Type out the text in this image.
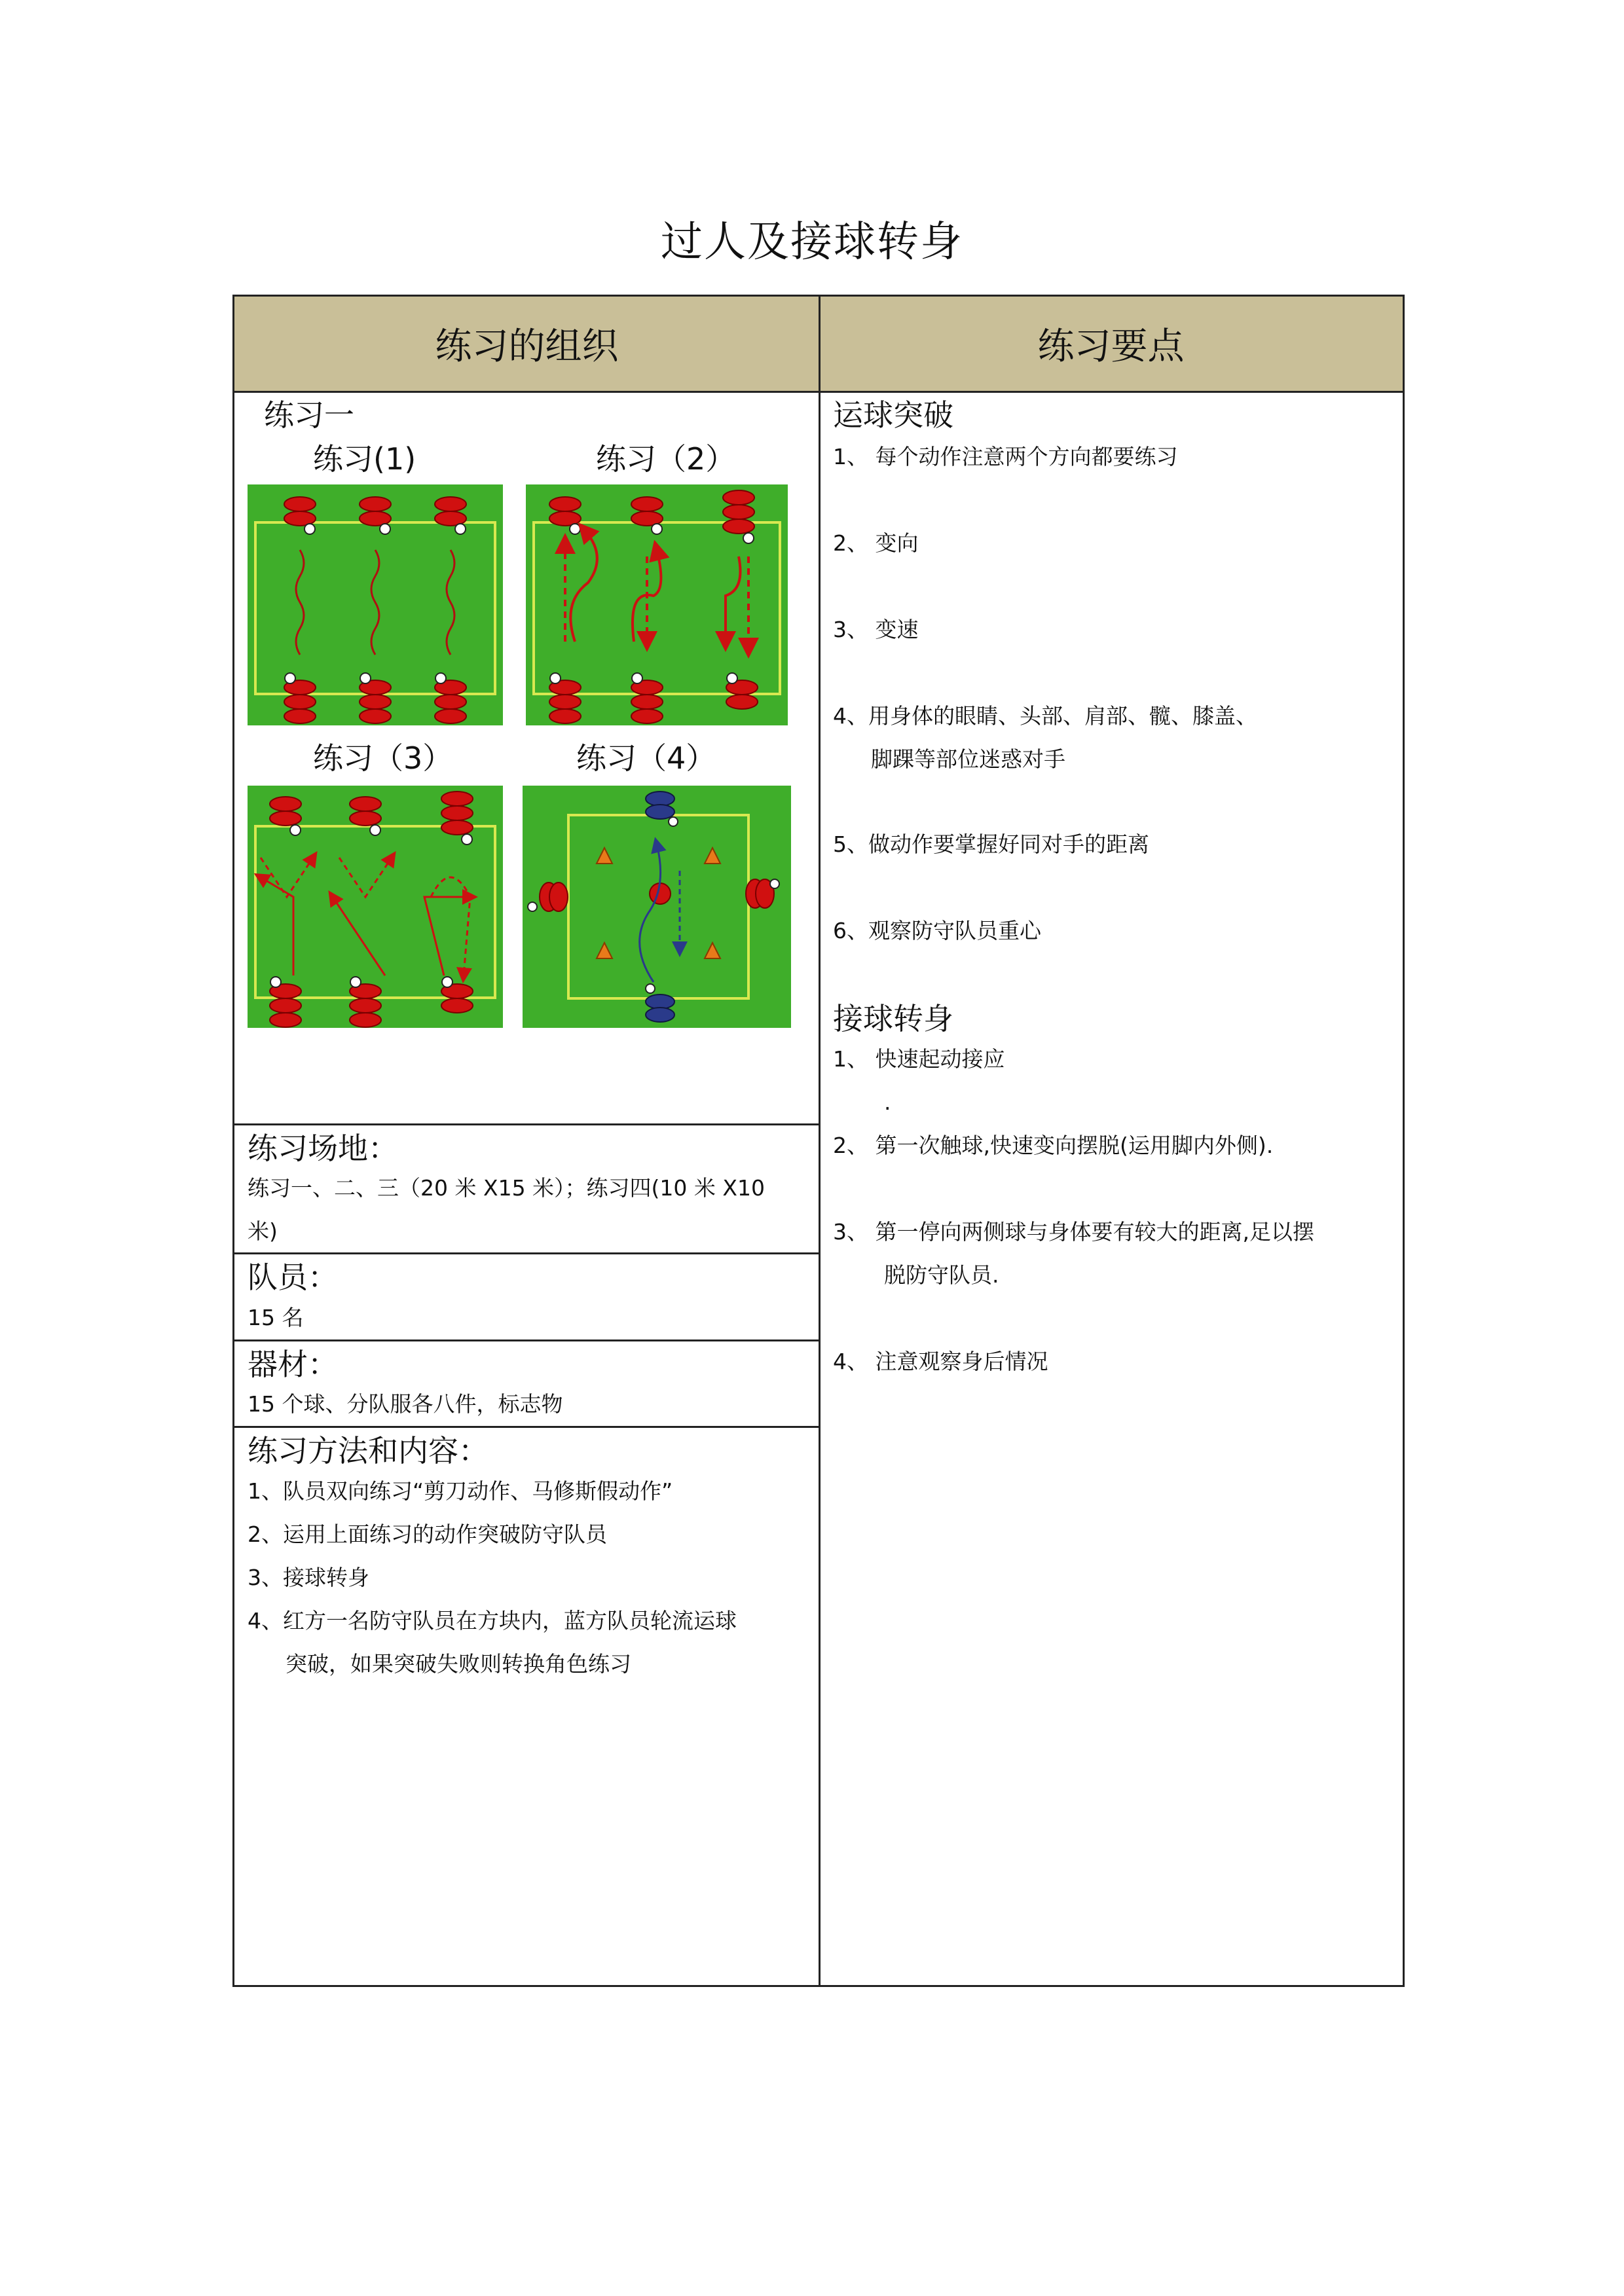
过人及接球转身
练习的组织	练习要点
练习一
练习(1)	练习（2）
练习（3）	练习（4）
练习场地：
练习一、二、三（20 米 X15 米）；练习四(10 米 X10
米)
队员：
15 名
器材：
15 个球、分队服各八件，标志物
练习方法和内容：
1、队员双向练习“剪刀动作、马修斯假动作”
2、运用上面练习的动作突破防守队员
3、接球转身
4、红方一名防守队员在方块内，蓝方队员轮流运球
突破，如果突破失败则转换角色练习
运球突破
1、 每个动作注意两个方向都要练习
2、 变向
3、 变速
4、用身体的眼睛、头部、肩部、髋、膝盖、
脚踝等部位迷惑对手
5、做动作要掌握好同对手的距离
6、观察防守队员重心
接球转身
1、 快速起动接应
.
2、 第一次触球,快速变向摆脱(运用脚内外侧).
3、 第一停向两侧球与身体要有较大的距离,足以摆
脱防守队员.
4、 注意观察身后情况
